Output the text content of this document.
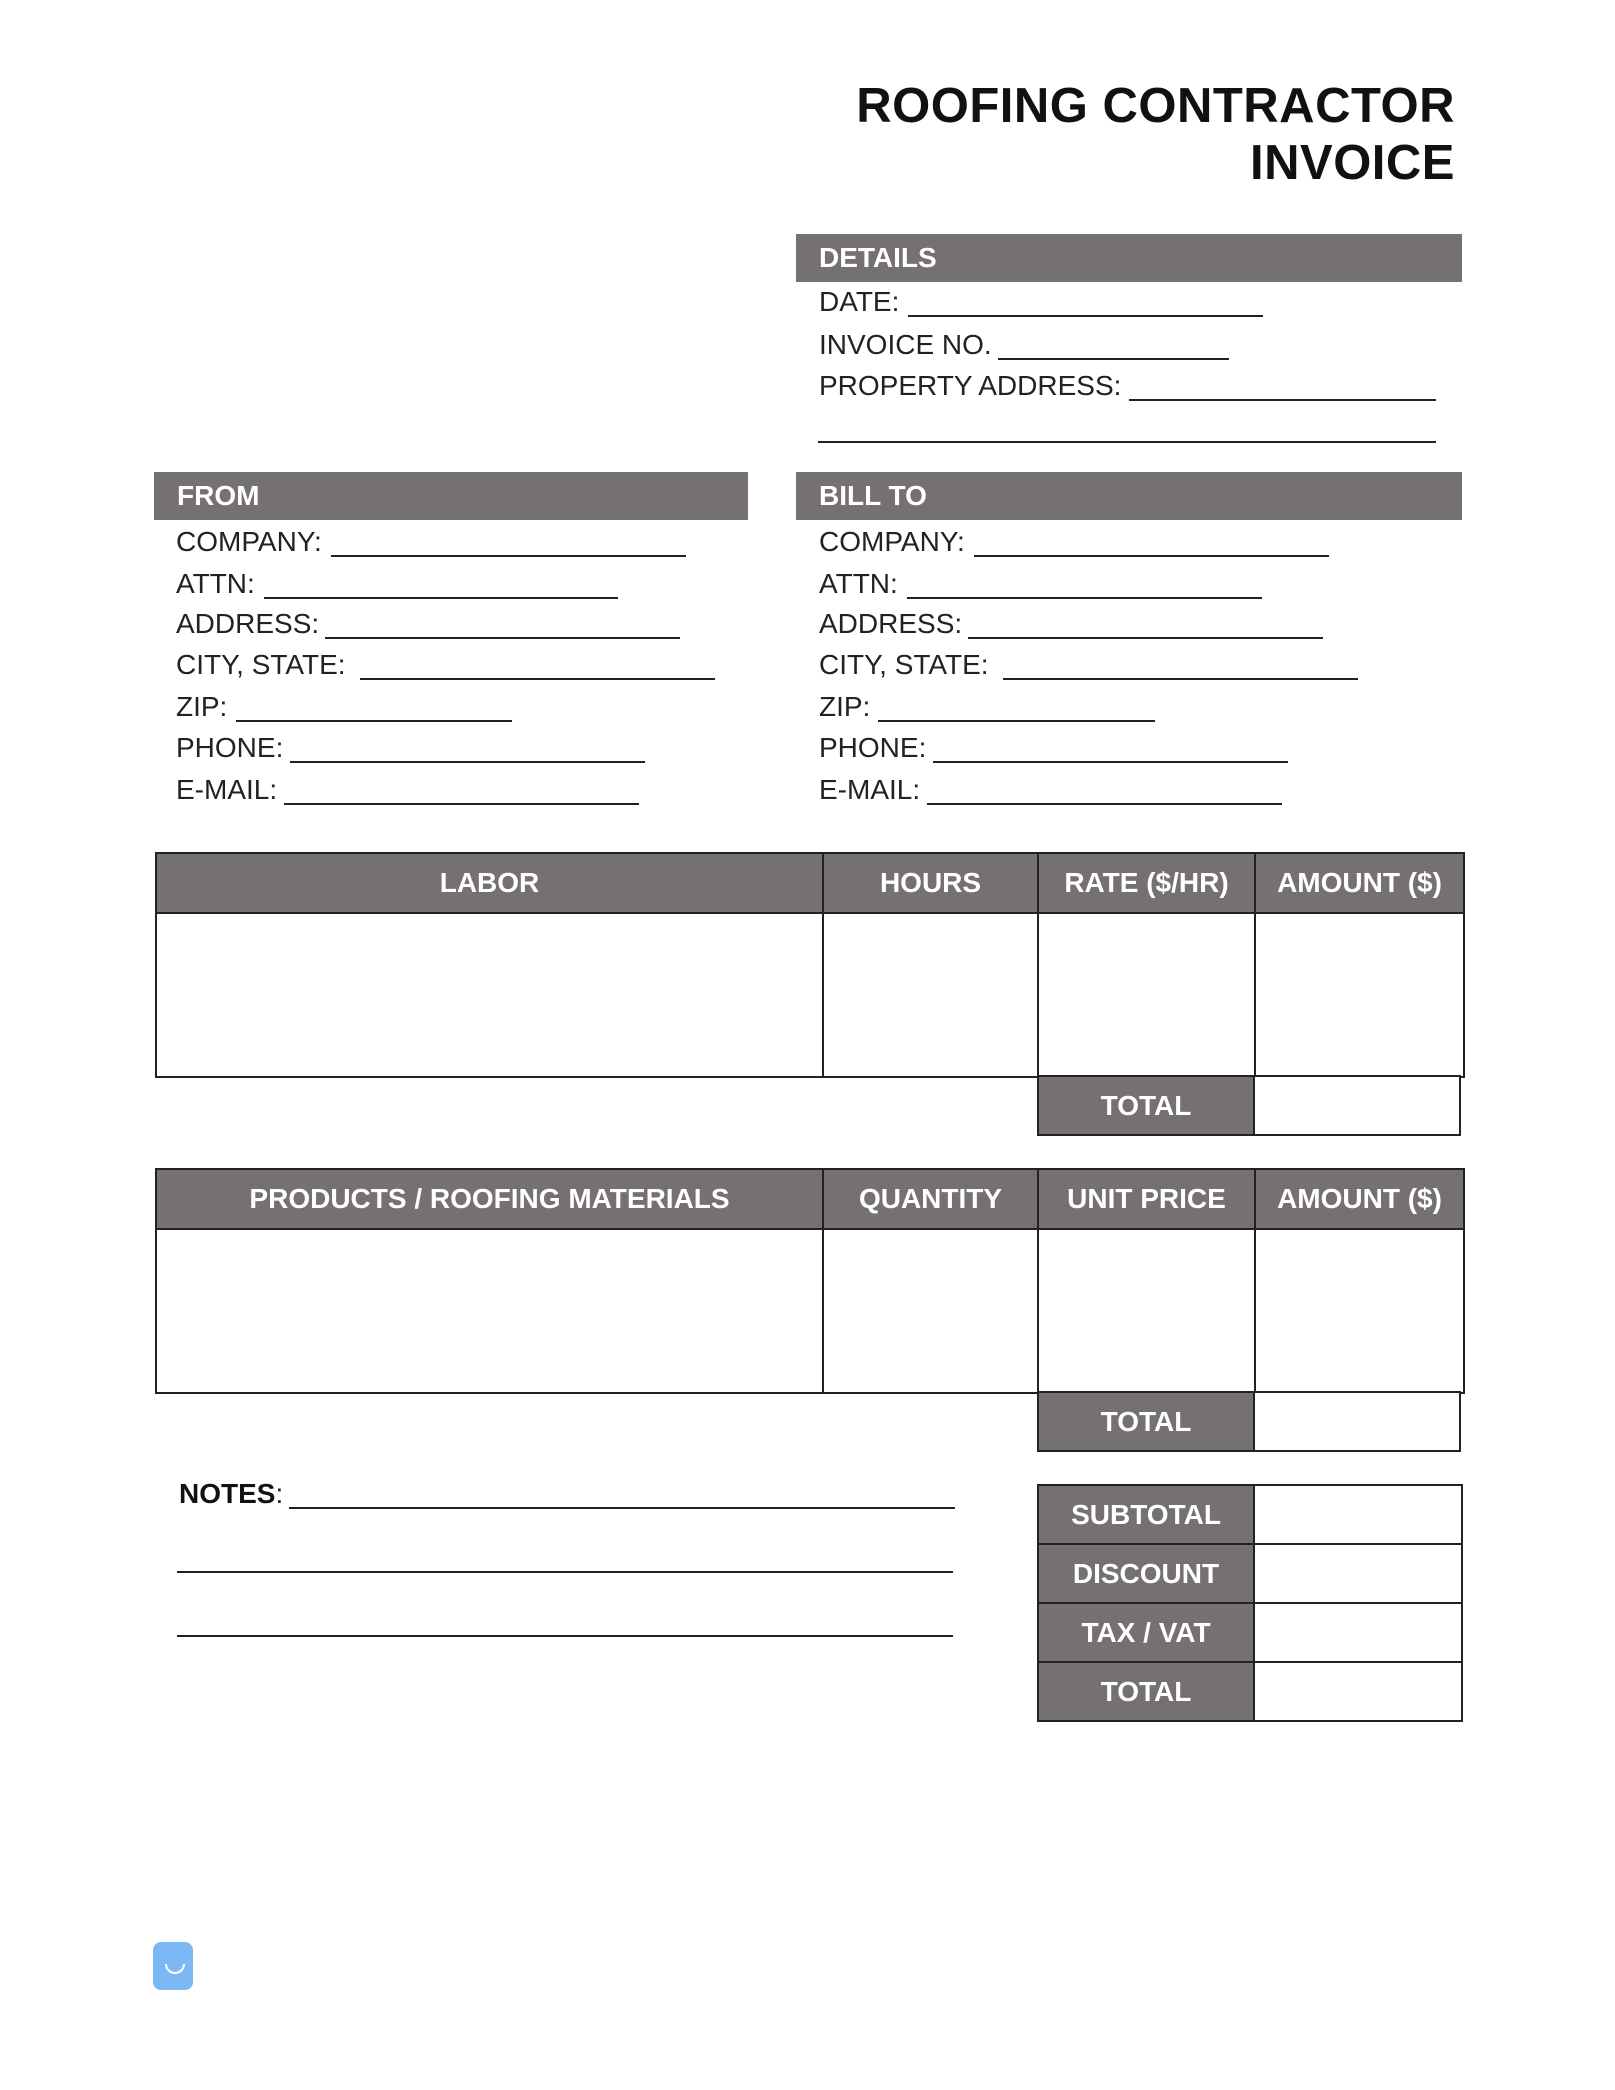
ROOFING CONTRACTOR
INVOICE
DETAILS
DATE:
INVOICE NO.
PROPERTY ADDRESS:
FROM
COMPANY:
ATTN:
ADDRESS:
CITY, STATE:
ZIP:
PHONE:
E-MAIL:
BILL TO
COMPANY:
ATTN:
ADDRESS:
CITY, STATE:
ZIP:
PHONE:
E-MAIL:
LABOR	HOURS	RATE ($/HR)	AMOUNT ($)

TOTAL
PRODUCTS / ROOFING MATERIALS	QUANTITY	UNIT PRICE	AMOUNT ($)

TOTAL
NOTES:
SUBTOTAL
DISCOUNT
TAX / VAT
TOTAL
